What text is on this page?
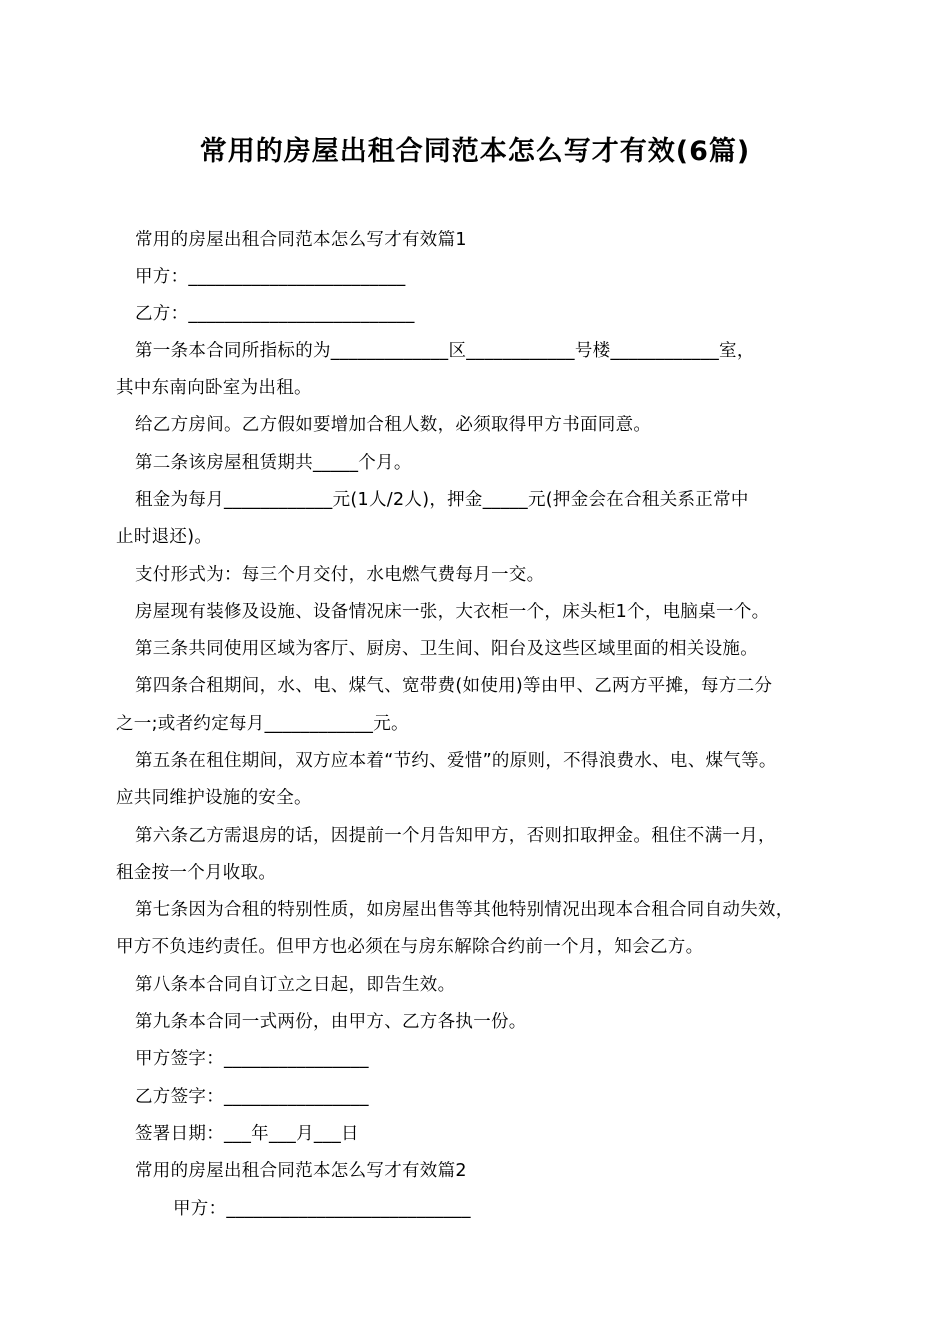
常用的房屋出租合同范本怎么写才有效(6篇)
常用的房屋出租合同范本怎么写才有效篇1
甲方：________________________
乙方：_________________________
第一条本合同所指标的为_____________区____________号楼____________室，
其中东南向卧室为出租。
给乙方房间。乙方假如要增加合租人数，必须取得甲方书面同意。
第二条该房屋租赁期共_____个月。
租金为每月____________元(1人/2人)，押金_____元(押金会在合租关系正常中
止时退还)。
支付形式为：每三个月交付，水电燃气费每月一交。
房屋现有装修及设施、设备情况床一张，大衣柜一个，床头柜1个，电脑桌一个。
第三条共同使用区域为客厅、厨房、卫生间、阳台及这些区域里面的相关设施。
第四条合租期间，水、电、煤气、宽带费(如使用)等由甲、乙两方平摊，每方二分
之一;或者约定每月____________元。
第五条在租住期间，双方应本着“节约、爱惜”的原则，不得浪费水、电、煤气等。
应共同维护设施的安全。
第六条乙方需退房的话，因提前一个月告知甲方，否则扣取押金。租住不满一月，
租金按一个月收取。
第七条因为合租的特别性质，如房屋出售等其他特别情况出现本合租合同自动失效，
甲方不负违约责任。但甲方也必须在与房东解除合约前一个月，知会乙方。
第八条本合同自订立之日起，即告生效。
第九条本合同一式两份，由甲方、乙方各执一份。
甲方签字：________________
乙方签字：________________
签署日期：___年___月___日
常用的房屋出租合同范本怎么写才有效篇2
甲方：___________________________
